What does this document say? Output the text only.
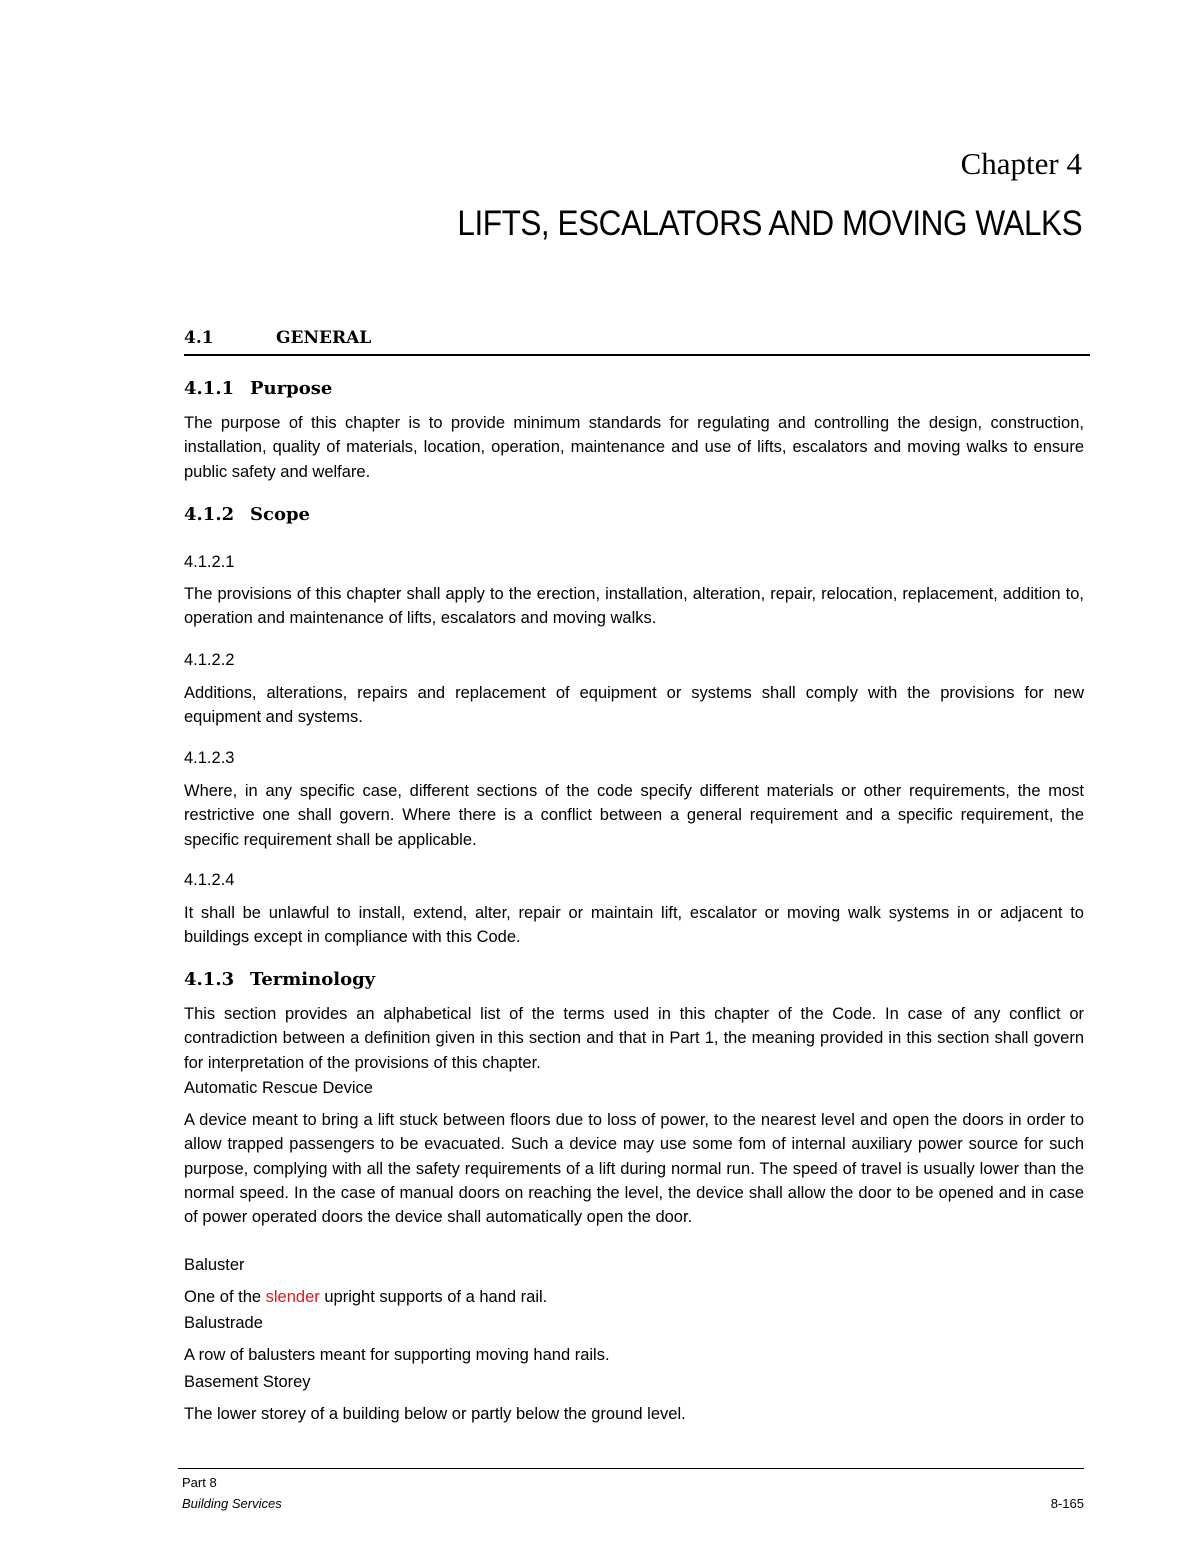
Chapter 4
LIFTS, ESCALATORS AND MOVING WALKS
4.1	GENERAL
4.1.1 Purpose
The purpose of this chapter is to provide minimum standards for regulating and controlling the design, construction, installation, quality of materials, location, operation, maintenance and use of lifts, escalators and moving walks to ensure public safety and welfare.
4.1.2 Scope
4.1.2.1
The provisions of this chapter shall apply to the erection, installation, alteration, repair, relocation, replacement, addition to, operation and maintenance of lifts, escalators and moving walks.
4.1.2.2
Additions, alterations, repairs and replacement of equipment or systems shall comply with the provisions for new equipment and systems.
4.1.2.3
Where, in any specific case, different sections of the code specify different materials or other requirements, the most restrictive one shall govern. Where there is a conflict between a general requirement and a specific requirement, the specific requirement shall be applicable.
4.1.2.4
It shall be unlawful to install, extend, alter, repair or maintain lift, escalator or moving walk systems in or adjacent to buildings except in compliance with this Code.
4.1.3 Terminology
This section provides an alphabetical list of the terms used in this chapter of the Code. In case of any conflict or contradiction between a definition given in this section and that in Part 1, the meaning provided in this section shall govern for interpretation of the provisions of this chapter.
Automatic Rescue Device
A device meant to bring a lift stuck between floors due to loss of power, to the nearest level and open the doors in order to allow trapped passengers to be evacuated. Such a device may use some fom of internal auxiliary power source for such purpose, complying with all the safety requirements of a lift during normal run. The speed of travel is usually lower than the normal speed. In the case of manual doors on reaching the level, the device shall allow the door to be opened and in case of power operated doors the device shall automatically open the door.
Baluster
One of the slender upright supports of a hand rail.
Balustrade
A row of balusters meant for supporting moving hand rails.
Basement Storey
The lower storey of a building below or partly below the ground level.
Part 8
Building Services	8-165
